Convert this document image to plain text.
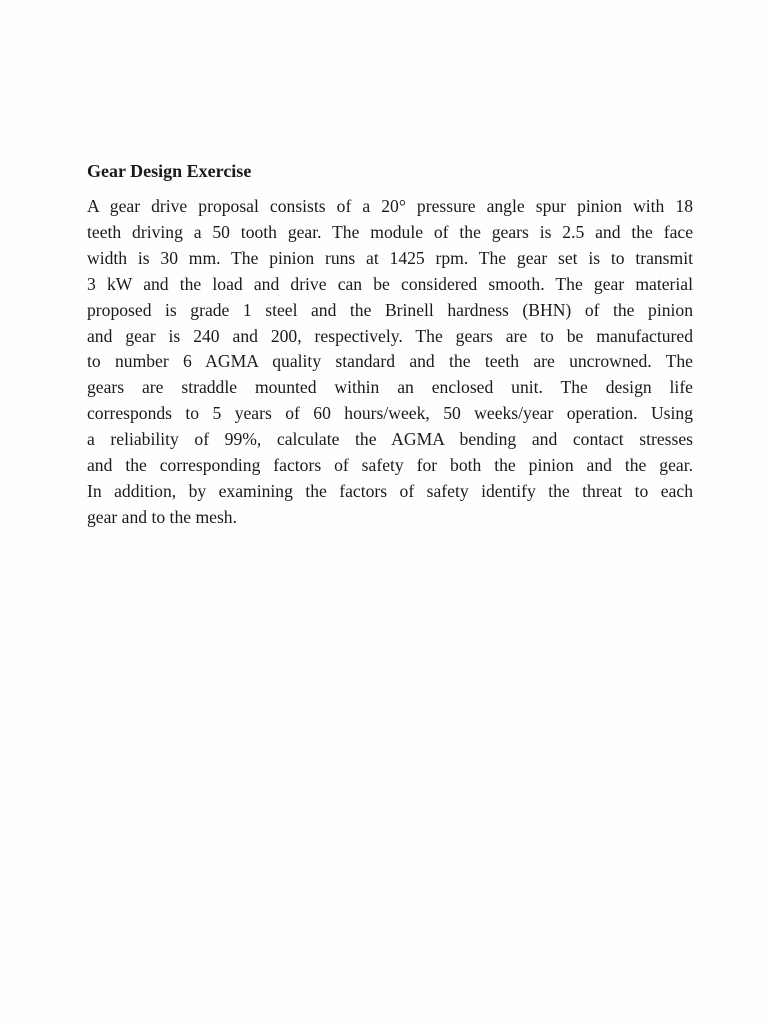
Gear Design Exercise

A gear drive proposal consists of a 20° pressure angle spur pinion with 18
teeth driving a 50 tooth gear. The module of the gears is 2.5 and the face
width is 30 mm. The pinion runs at 1425 rpm. The gear set is to transmit
3 kW and the load and drive can be considered smooth. The gear material
proposed is grade 1 steel and the Brinell hardness (BHN) of the pinion
and gear is 240 and 200, respectively. The gears are to be manufactured
to number 6 AGMA quality standard and the teeth are uncrowned. The
gears are straddle mounted within an enclosed unit. The design life
corresponds to 5 years of 60 hours/week, 50 weeks/year operation. Using
a reliability of 99%, calculate the AGMA bending and contact stresses
and the corresponding factors of safety for both the pinion and the gear.
In addition, by examining the factors of safety identify the threat to each
gear and to the mesh.
